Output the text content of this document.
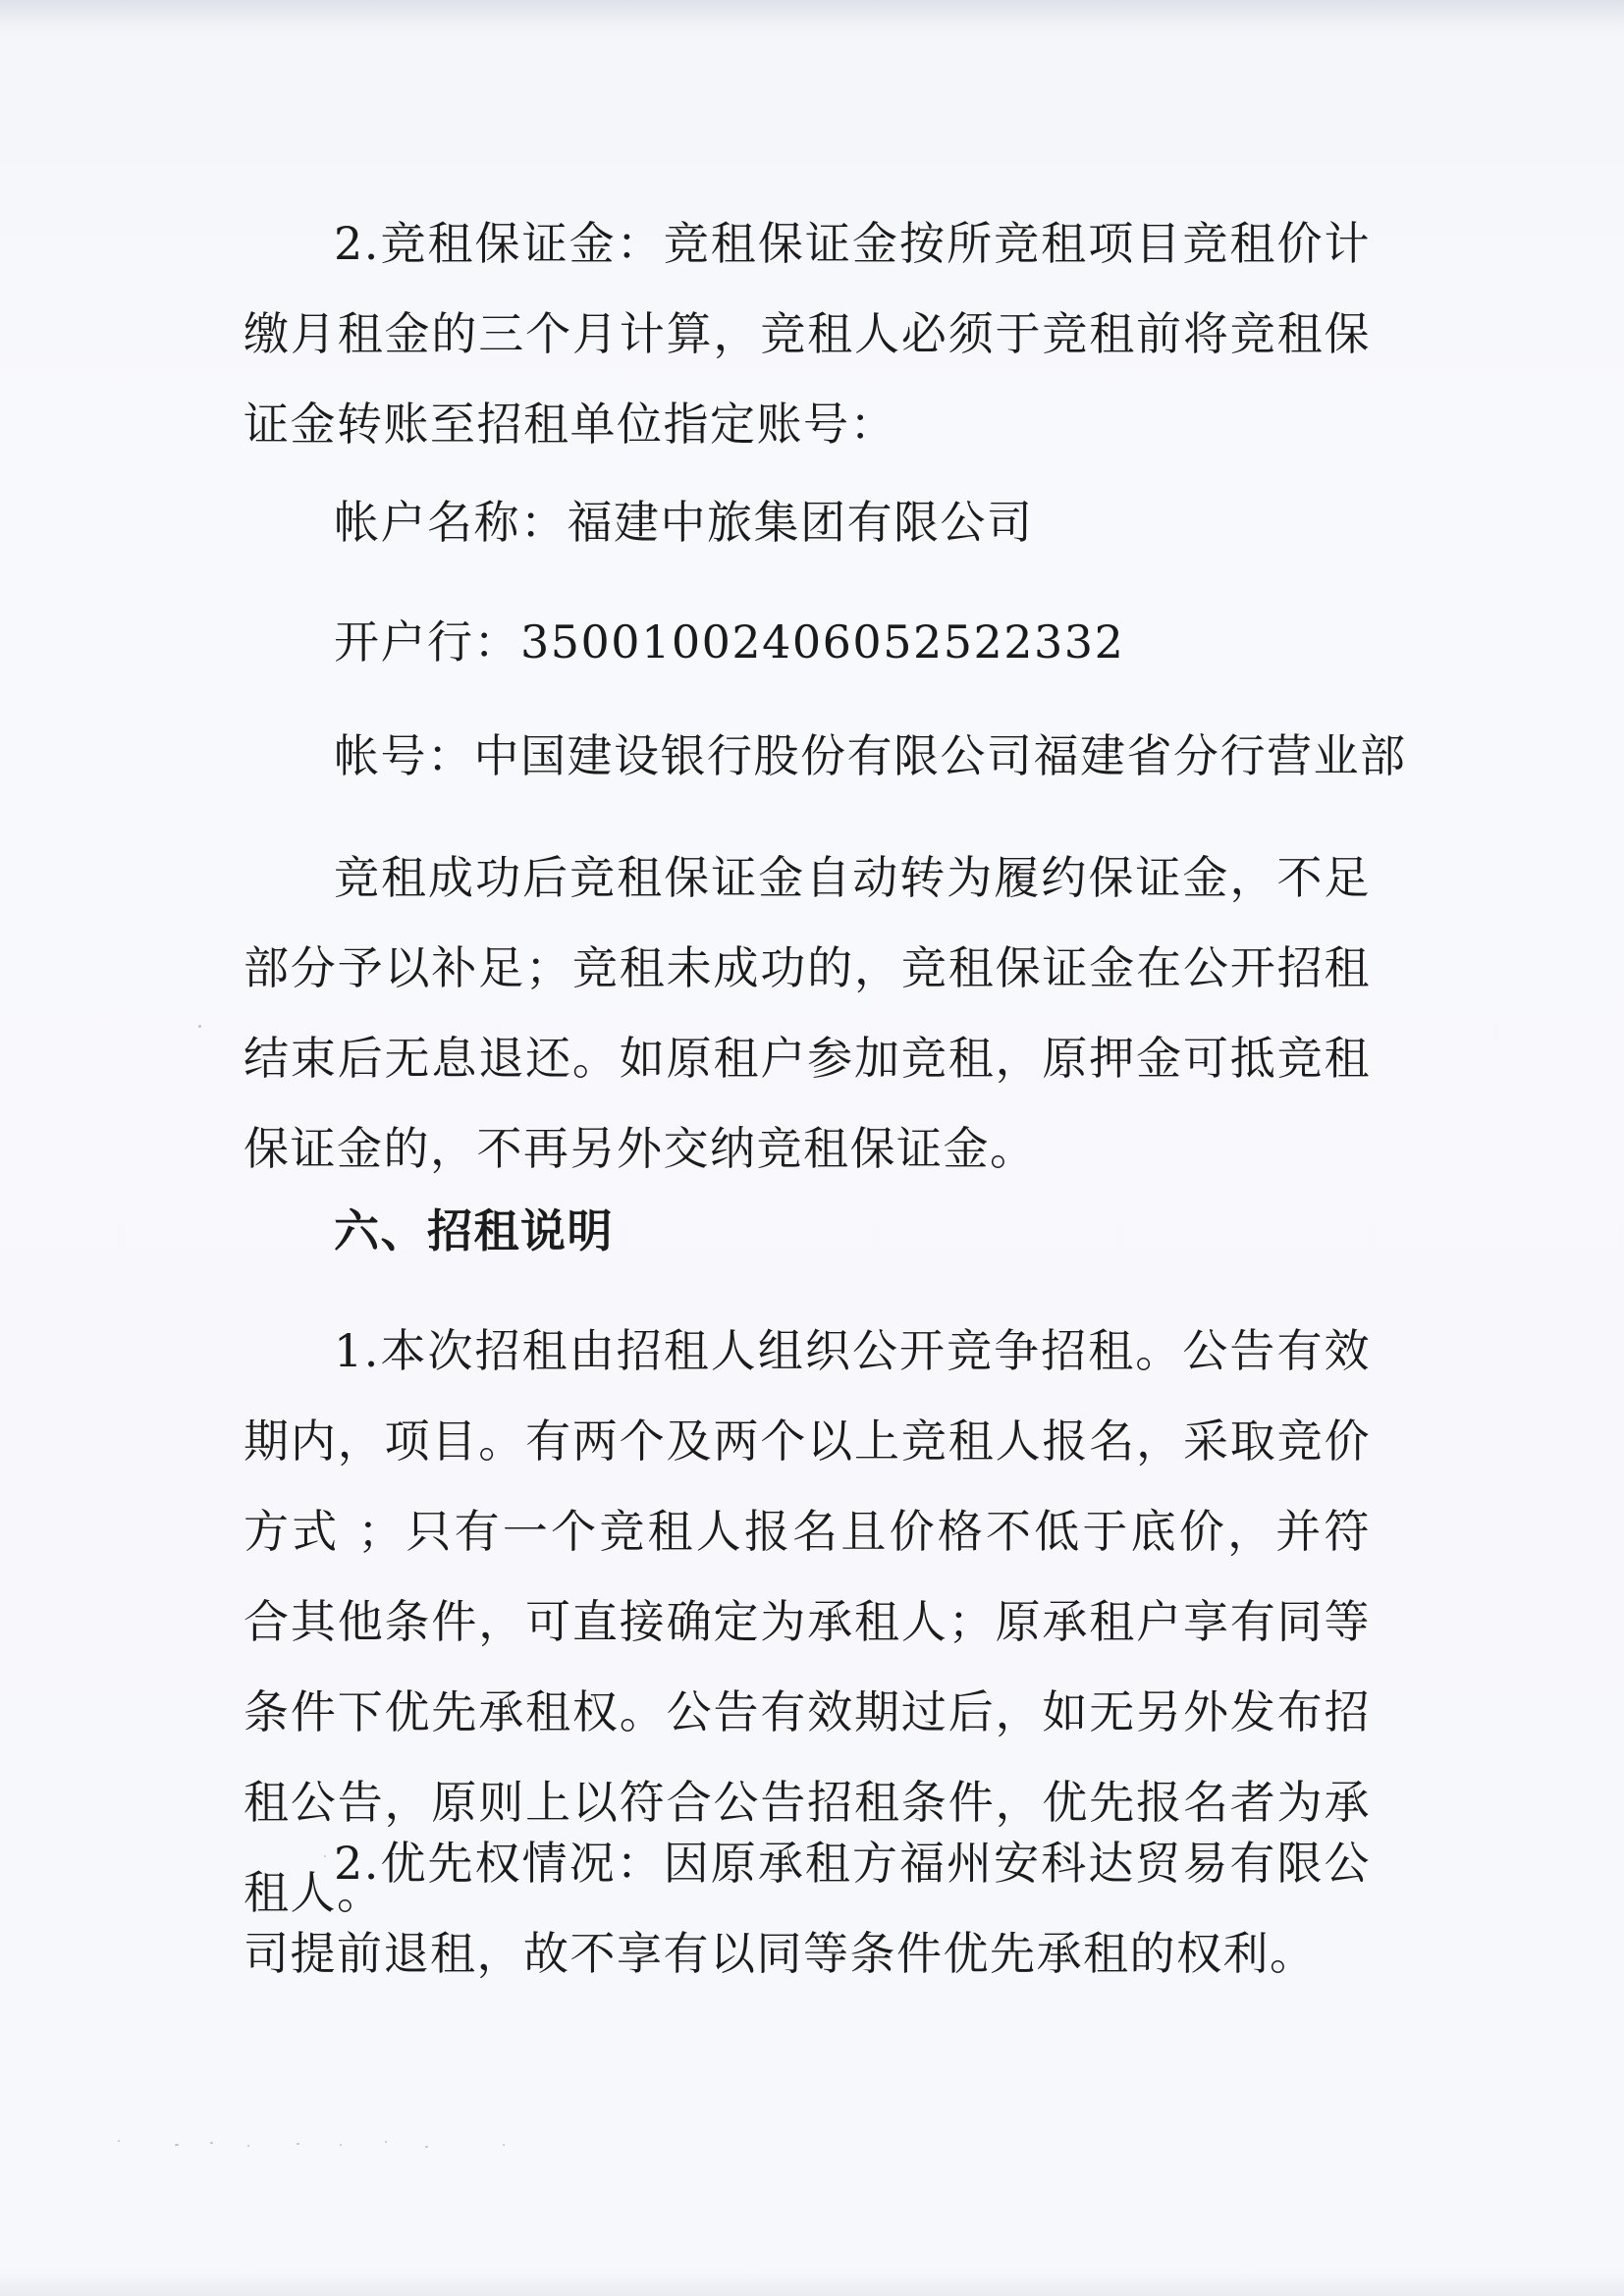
2.竞租保证金：竞租保证金按所竞租项目竞租价计缴月租金的三个月计算，竞租人必须于竞租前将竞租保证金转账至招租单位指定账号：

帐户名称：福建中旅集团有限公司

开户行：35001002406052522332

帐号：中国建设银行股份有限公司福建省分行营业部

竞租成功后竞租保证金自动转为履约保证金，不足部分予以补足；竞租未成功的，竞租保证金在公开招租结束后无息退还。如原租户参加竞租，原押金可抵竞租保证金的，不再另外交纳竞租保证金。

六、招租说明

1.本次招租由招租人组织公开竞争招租。公告有效期内，项目。有两个及两个以上竞租人报名，采取竞价方式 ；只有一个竞租人报名且价格不低于底价，并符合其他条件，可直接确定为承租人；原承租户享有同等条件下优先承租权。公告有效期过后，如无另外发布招租公告，原则上以符合公告招租条件，优先报名者为承租人。

2.优先权情况：因原承租方福州安科达贸易有限公司提前退租，故不享有以同等条件优先承租的权利。
